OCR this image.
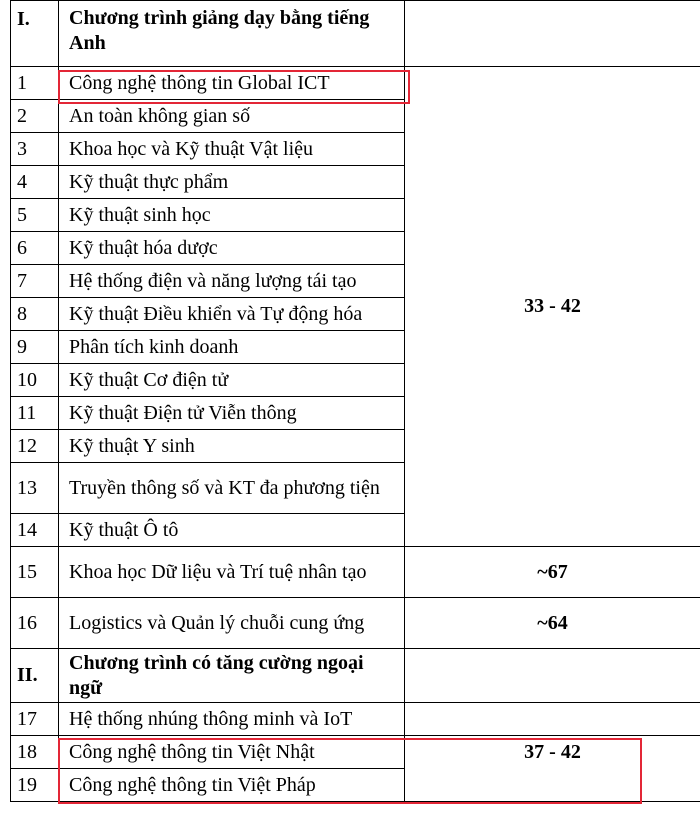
I.	Chương trình giảng dạy bằng tiếng Anh	
1	Công nghệ thông tin Global ICT	33 - 42
2	An toàn không gian số	
3	Khoa học và Kỹ thuật Vật liệu	
4	Kỹ thuật thực phẩm	
5	Kỹ thuật sinh học	
6	Kỹ thuật hóa dược	
7	Hệ thống điện và năng lượng tái tạo	
8	Kỹ thuật Điều khiển và Tự động hóa	
9	Phân tích kinh doanh	
10	Kỹ thuật Cơ điện tử	
11	Kỹ thuật Điện tử Viễn thông	
12	Kỹ thuật Y sinh	
13	Truyền thông số và KT đa phương tiện	
14	Kỹ thuật Ô tô	
15	Khoa học Dữ liệu và Trí tuệ nhân tạo	~67
16	Logistics và Quản lý chuỗi cung ứng	~64
II.	Chương trình có tăng cường ngoại ngữ	
17	Hệ thống nhúng thông minh và IoT	
18	Công nghệ thông tin Việt Nhật	37 - 42
19	Công nghệ thông tin Việt Pháp	
